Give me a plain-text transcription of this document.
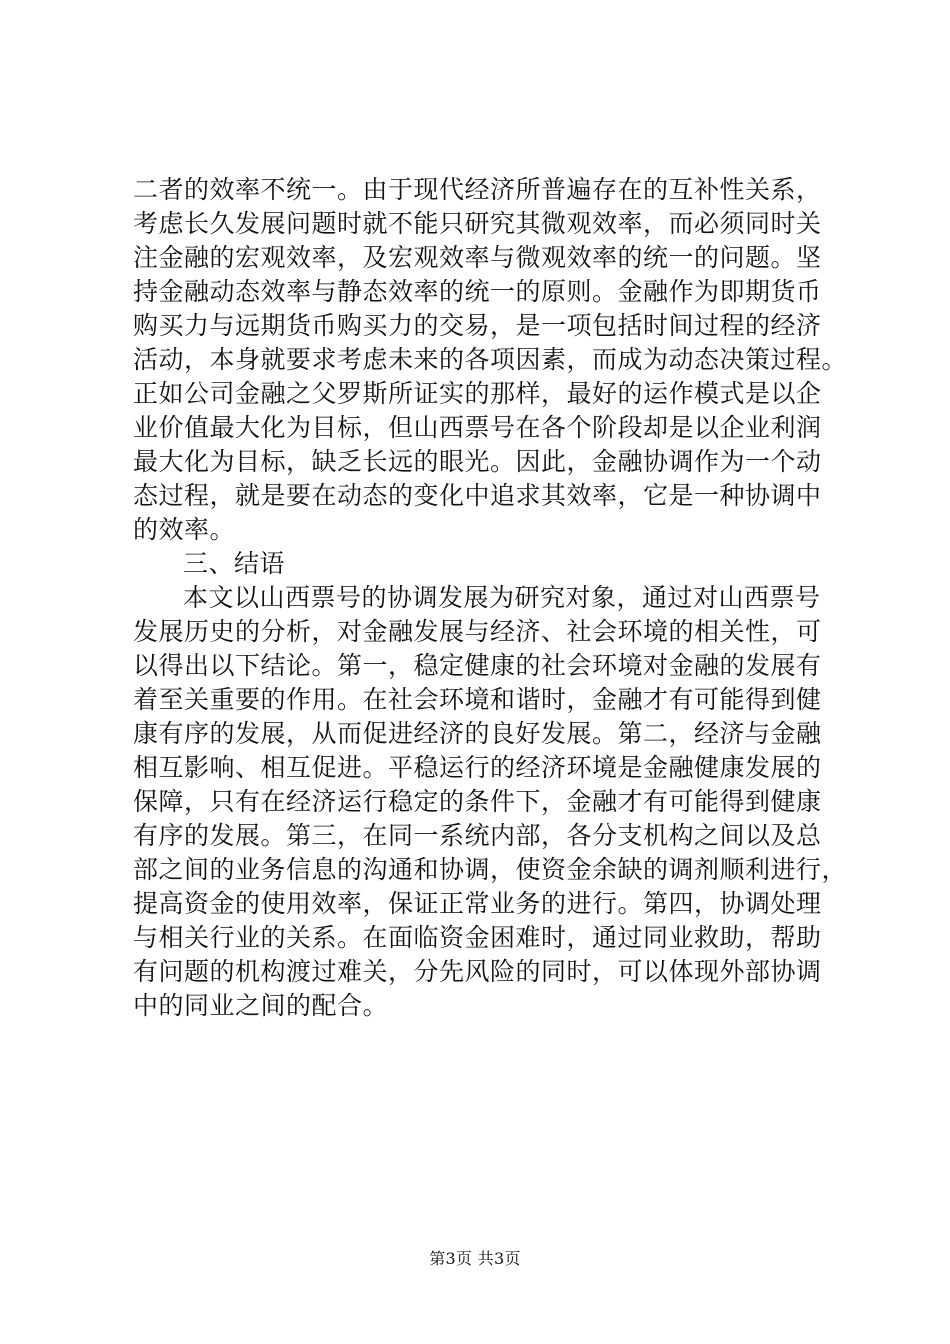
二者的效率不统一。由于现代经济所普遍存在的互补性关系，
考虑长久发展问题时就不能只研究其微观效率，而必须同时关
注金融的宏观效率，及宏观效率与微观效率的统一的问题。坚
持金融动态效率与静态效率的统一的原则。金融作为即期货币
购买力与远期货币购买力的交易，是一项包括时间过程的经济
活动，本身就要求考虑未来的各项因素，而成为动态决策过程。
正如公司金融之父罗斯所证实的那样，最好的运作模式是以企
业价值最大化为目标，但山西票号在各个阶段却是以企业利润
最大化为目标，缺乏长远的眼光。因此，金融协调作为一个动
态过程，就是要在动态的变化中追求其效率，它是一种协调中
的效率。
三、结语
本文以山西票号的协调发展为研究对象，通过对山西票号
发展历史的分析，对金融发展与经济、社会环境的相关性，可
以得出以下结论。第一，稳定健康的社会环境对金融的发展有
着至关重要的作用。在社会环境和谐时，金融才有可能得到健
康有序的发展，从而促进经济的良好发展。第二，经济与金融
相互影响、相互促进。平稳运行的经济环境是金融健康发展的
保障，只有在经济运行稳定的条件下，金融才有可能得到健康
有序的发展。第三，在同一系统内部，各分支机构之间以及总
部之间的业务信息的沟通和协调，使资金余缺的调剂顺利进行，
提高资金的使用效率，保证正常业务的进行。第四，协调处理
与相关行业的关系。在面临资金困难时，通过同业救助，帮助
有问题的机构渡过难关，分先风险的同时，可以体现外部协调
中的同业之间的配合。
第3页 共3页
